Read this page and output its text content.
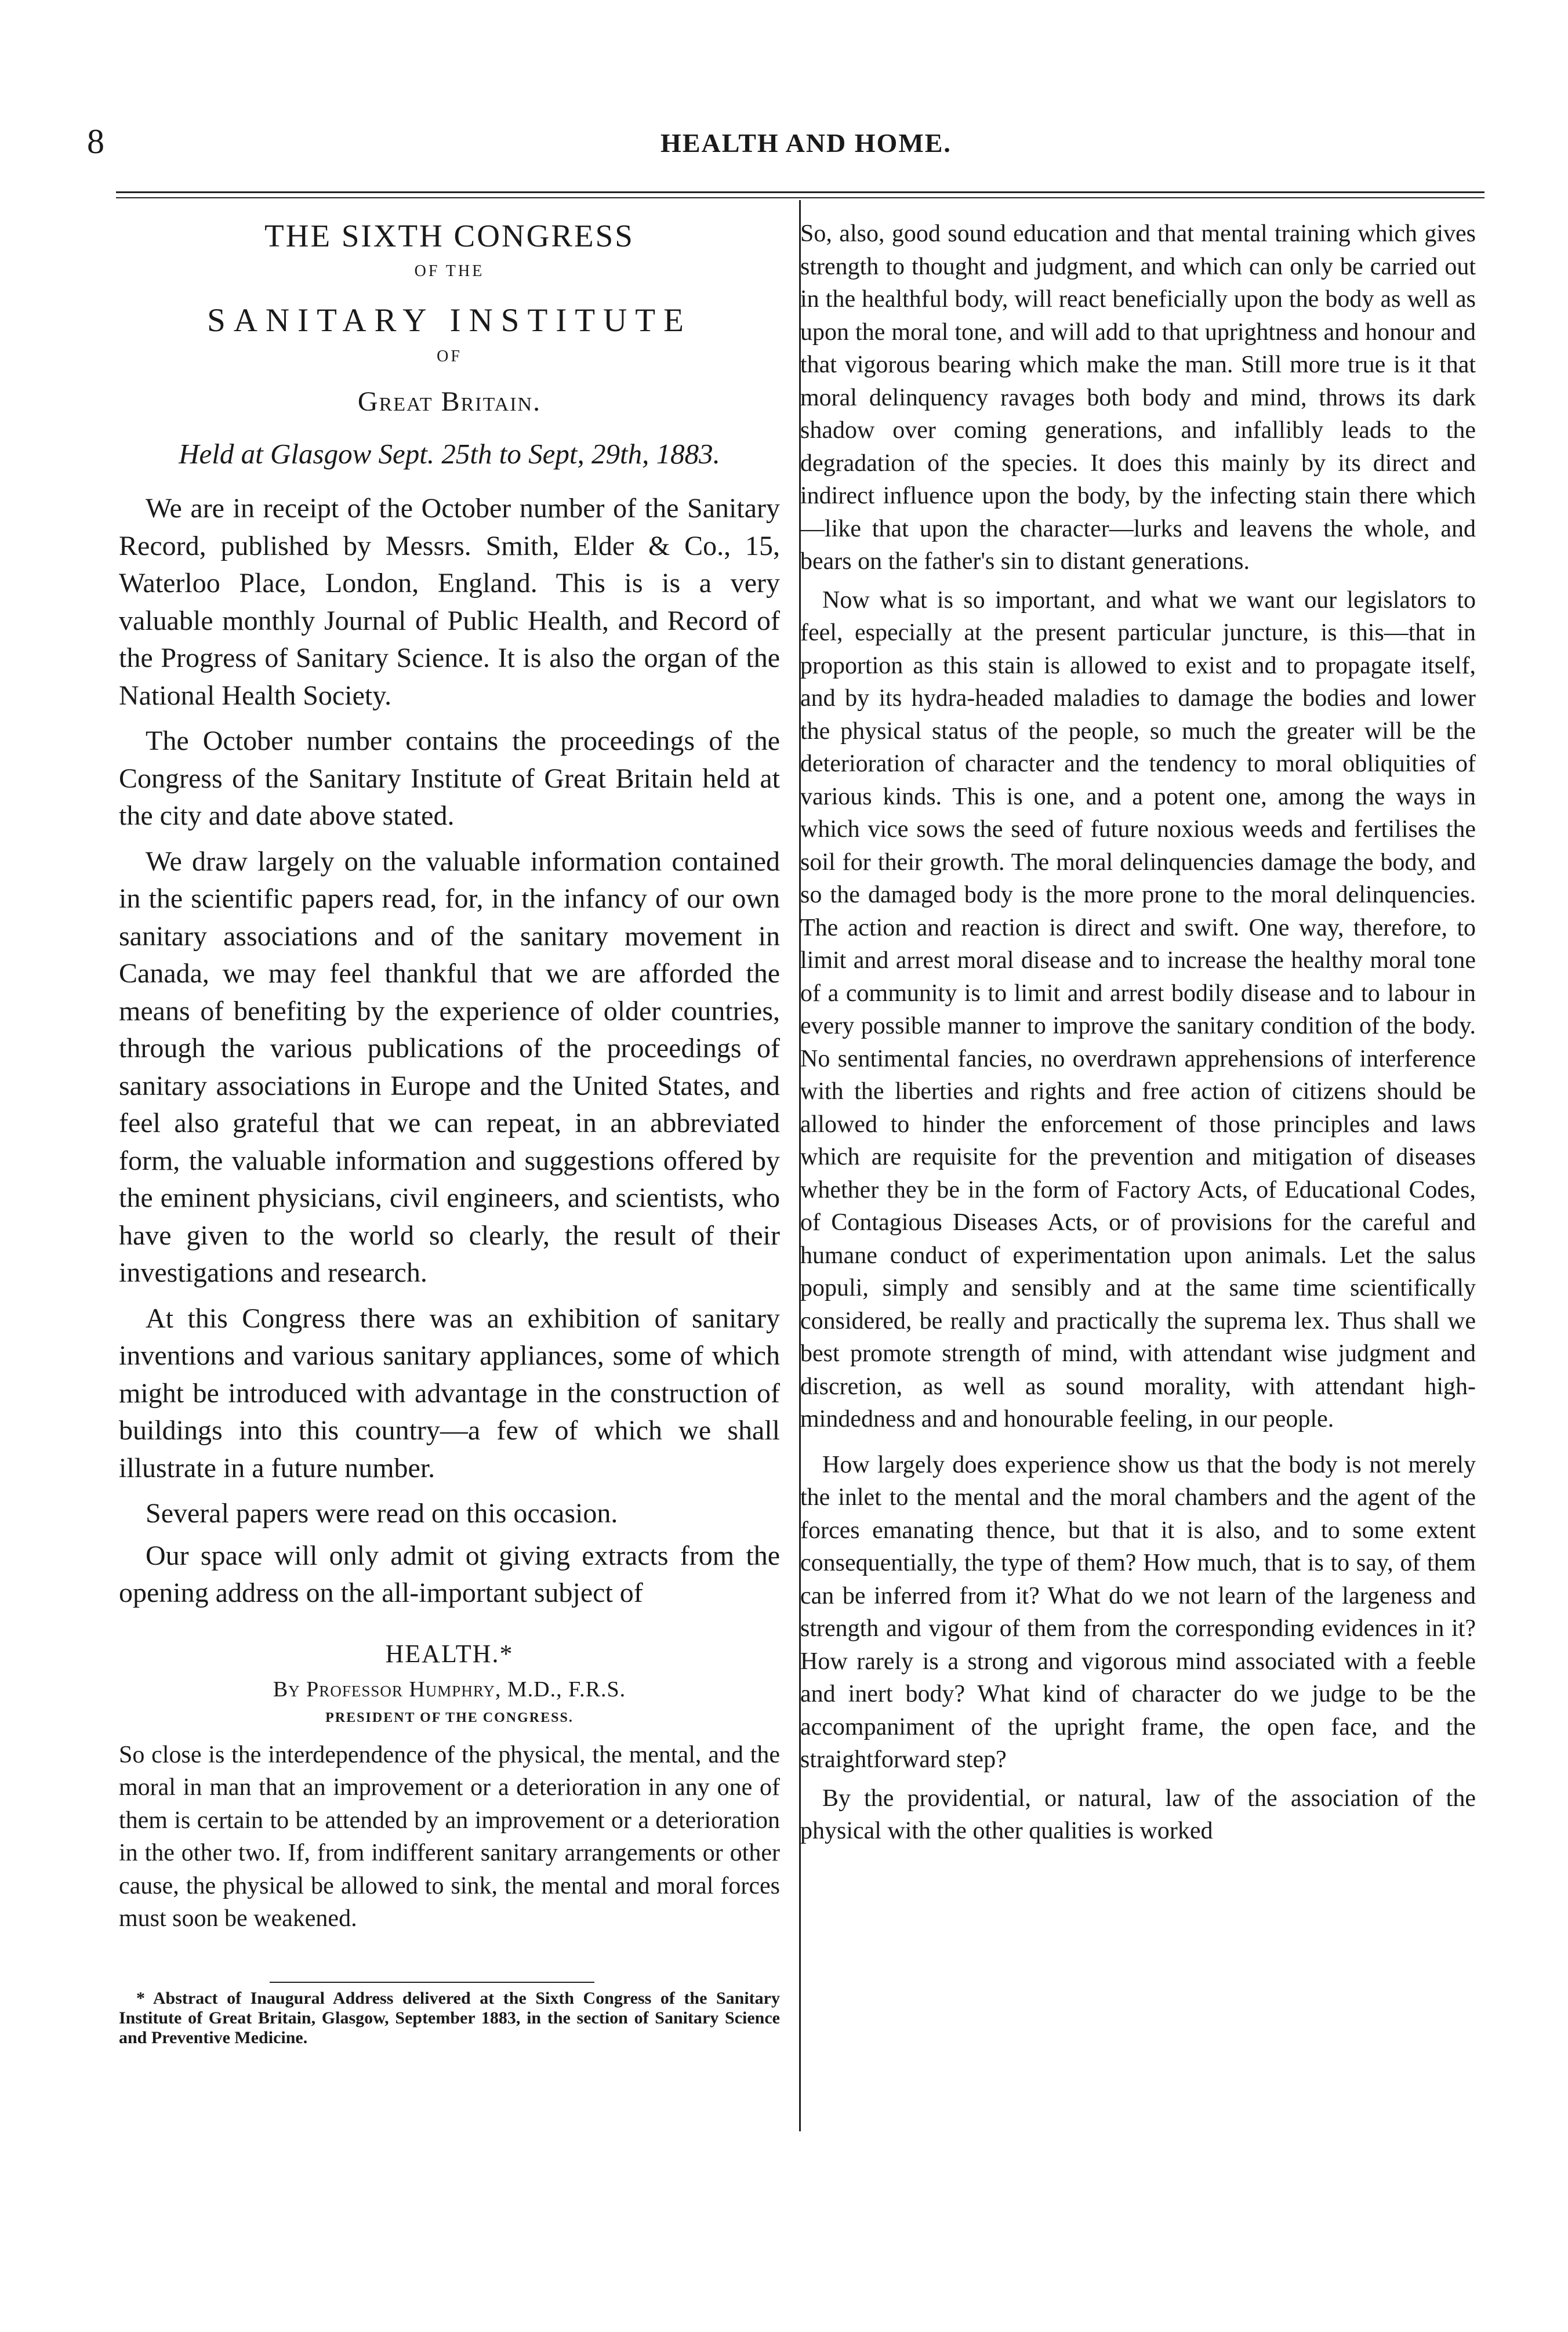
8	HEALTH AND HOME.
THE SIXTH CONGRESS
OF THE
SANITARY INSTITUTE
OF
Great Britain.
Held at Glasgow Sept. 25th to Sept, 29th, 1883.

We are in receipt of the October number of the Sanitary Record, published by Messrs. Smith, Elder & Co., 15, Waterloo Place, London, England. This is is a very valuable monthly Journal of Public Health, and Record of the Progress of Sanitary Science. It is also the organ of the National Health Society.

The October number contains the proceedings of the Congress of the Sanitary Institute of Great Britain held at the city and date above stated.

We draw largely on the valuable information contained in the scientific papers read, for, in the infancy of our own sanitary associations and of the sanitary movement in Canada, we may feel thankful that we are afforded the means of benefiting by the experience of older countries, through the various publications of the proceedings of sanitary associations in Europe and the United States, and feel also grateful that we can repeat, in an abbreviated form, the valuable information and suggestions offered by the eminent physicians, civil engineers, and scientists, who have given to the world so clearly, the result of their investigations and research.

At this Congress there was an exhibition of sanitary inventions and various sanitary appliances, some of which might be introduced with advantage in the construction of buildings into this country—a few of which we shall illustrate in a future number.

Several papers were read on this occasion.

Our space will only admit ot giving extracts from the opening address on the all-important subject of

HEALTH.*
By Professor Humphry, M.D., F.R.S.
PRESIDENT OF THE CONGRESS.

So close is the interdependence of the physical, the mental, and the moral in man that an improvement or a deterioration in any one of them is certain to be attended by an improvement or a deterioration in the other two. If, from indifferent sanitary arrangements or other cause, the physical be allowed to sink, the mental and moral forces must soon be weakened.

* Abstract of Inaugural Address delivered at the Sixth Congress of the Sanitary Institute of Great Britain, Glasgow, September 1883, in the section of Sanitary Science and Preventive Medicine.

So, also, good sound education and that mental training which gives strength to thought and judgment, and which can only be carried out in the healthful body, will react beneficially upon the body as well as upon the moral tone, and will add to that uprightness and honour and that vigorous bearing which make the man. Still more true is it that moral delinquency ravages both body and mind, throws its dark shadow over coming generations, and infallibly leads to the degradation of the species. It does this mainly by its direct and indirect influence upon the body, by the infecting stain there which—like that upon the character—lurks and leavens the whole, and bears on the father's sin to distant generations.

Now what is so important, and what we want our legislators to feel, especially at the present particular juncture, is this—that in proportion as this stain is allowed to exist and to propagate itself, and by its hydra-headed maladies to damage the bodies and lower the physical status of the people, so much the greater will be the deterioration of character and the tendency to moral obliquities of various kinds. This is one, and a potent one, among the ways in which vice sows the seed of future noxious weeds and fertilises the soil for their growth. The moral delinquencies damage the body, and so the damaged body is the more prone to the moral delinquencies. The action and reaction is direct and swift. One way, therefore, to limit and arrest moral disease and to increase the healthy moral tone of a community is to limit and arrest bodily disease and to labour in every possible manner to improve the sanitary condition of the body. No sentimental fancies, no overdrawn apprehensions of interference with the liberties and rights and free action of citizens should be allowed to hinder the enforcement of those principles and laws which are requisite for the prevention and mitigation of diseases whether they be in the form of Factory Acts, of Educational Codes, of Contagious Diseases Acts, or of provisions for the careful and humane conduct of experimentation upon animals. Let the salus populi, simply and sensibly and at the same time scientifically considered, be really and practically the suprema lex. Thus shall we best promote strength of mind, with attendant wise judgment and discretion, as well as sound morality, with attendant high-mindedness and and honourable feeling, in our people.

How largely does experience show us that the body is not merely the inlet to the mental and the moral chambers and the agent of the forces emanating thence, but that it is also, and to some extent consequentially, the type of them? How much, that is to say, of them can be inferred from it? What do we not learn of the largeness and strength and vigour of them from the corresponding evidences in it? How rarely is a strong and vigorous mind associated with a feeble and inert body? What kind of character do we judge to be the accompaniment of the upright frame, the open face, and the straightforward step?

By the providential, or natural, law of the association of the physical with the other qualities is worked
